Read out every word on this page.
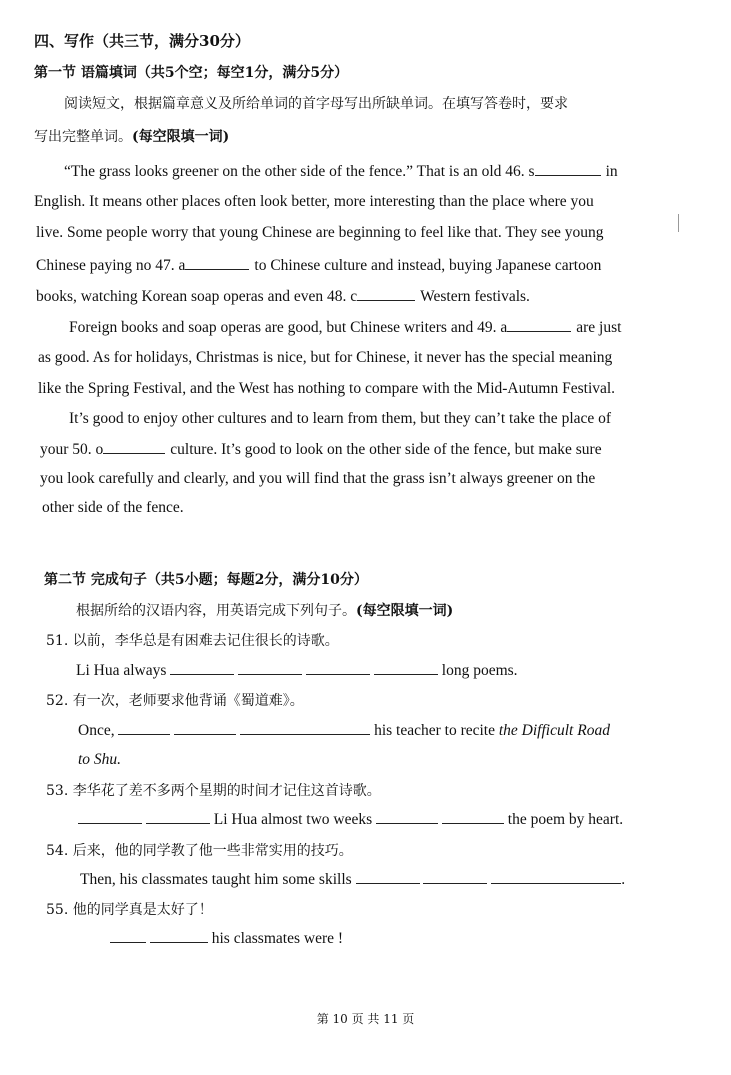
四、写作（共三节，满分30分）
第一节 语篇填词（共5个空；每空1分，满分5分）
阅读短文，根据篇章意义及所给单词的首字母写出所缺单词。在填写答卷时，要求
写出完整单词。(每空限填一词)
“The grass looks greener on the other side of the fence.” That is an old 46. s	in
English. It means other places often look better, more interesting than the place where you
live. Some people worry that young Chinese are beginning to feel like that. They see young
Chinese paying no 47. a	to Chinese culture and instead, buying Japanese cartoon
books, watching Korean soap operas and even 48. c	Western festivals.
Foreign books and soap operas are good, but Chinese writers and 49. a	are just
as good. As for holidays, Christmas is nice, but for Chinese, it never has the special meaning
like the Spring Festival, and the West has nothing to compare with the Mid-Autumn Festival.
It’s good to enjoy other cultures and to learn from them, but they can’t take the place of
your 50. o	culture. It’s good to look on the other side of the fence, but make sure
you look carefully and clearly, and you will find that the grass isn’t always greener on the
other side of the fence.
第二节 完成句子（共5小题；每题2分，满分10分）
根据所给的汉语内容，用英语完成下列句子。(每空限填一词)
51. 以前，李华总是有困难去记住很长的诗歌。
Li Hua always	long poems.
52. 有一次，老师要求他背诵《蜀道难》。
Once,	his teacher to recite the Difficult Road
to Shu.
53. 李华花了差不多两个星期的时间才记住这首诗歌。
Li Hua almost two weeks	the poem by heart.
54. 后来，他的同学教了他一些非常实用的技巧。
Then, his classmates taught him some skills	.
55. 他的同学真是太好了！
his classmates were !
第 10 页 共 11 页
